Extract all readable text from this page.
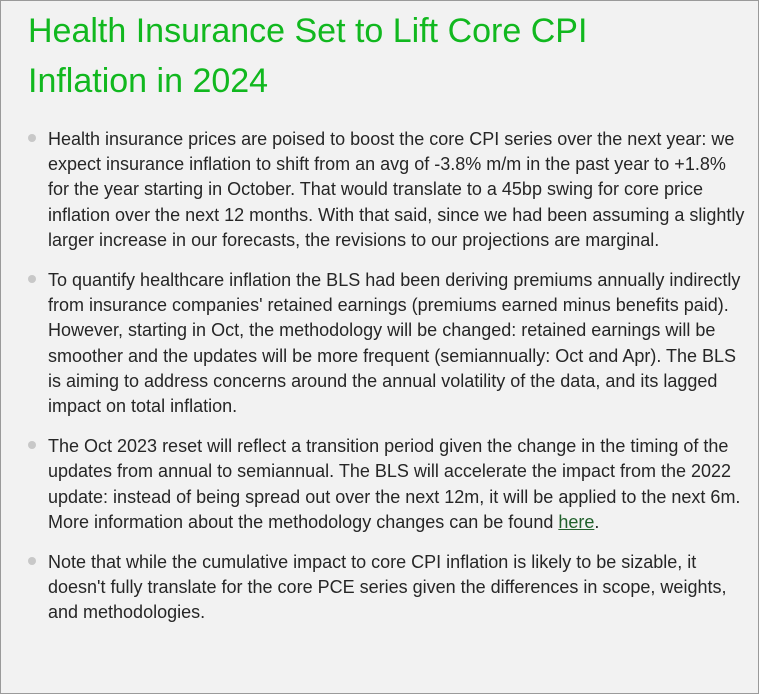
Health Insurance Set to Lift Core CPI
Inflation in 2024
Health insurance prices are poised to boost the core CPI series over the next year: we expect insurance inflation to shift from an avg of -3.8% m/m in the past year to +1.8% for the year starting in October. That would translate to a 45bp swing for core price inflation over the next 12 months. With that said, since we had been assuming a slightly larger increase in our forecasts, the revisions to our projections are marginal.
To quantify healthcare inflation the BLS had been deriving premiums annually indirectly from insurance companies' retained earnings (premiums earned minus benefits paid). However, starting in Oct, the methodology will be changed: retained earnings will be smoother and the updates will be more frequent (semiannually: Oct and Apr). The BLS is aiming to address concerns around the annual volatility of the data, and its lagged impact on total inflation.
The Oct 2023 reset will reflect a transition period given the change in the timing of the updates from annual to semiannual. The BLS will accelerate the impact from the 2022 update: instead of being spread out over the next 12m, it will be applied to the next 6m. More information about the methodology changes can be found here.
Note that while the cumulative impact to core CPI inflation is likely to be sizable, it doesn't fully translate for the core PCE series given the differences in scope, weights, and methodologies.
